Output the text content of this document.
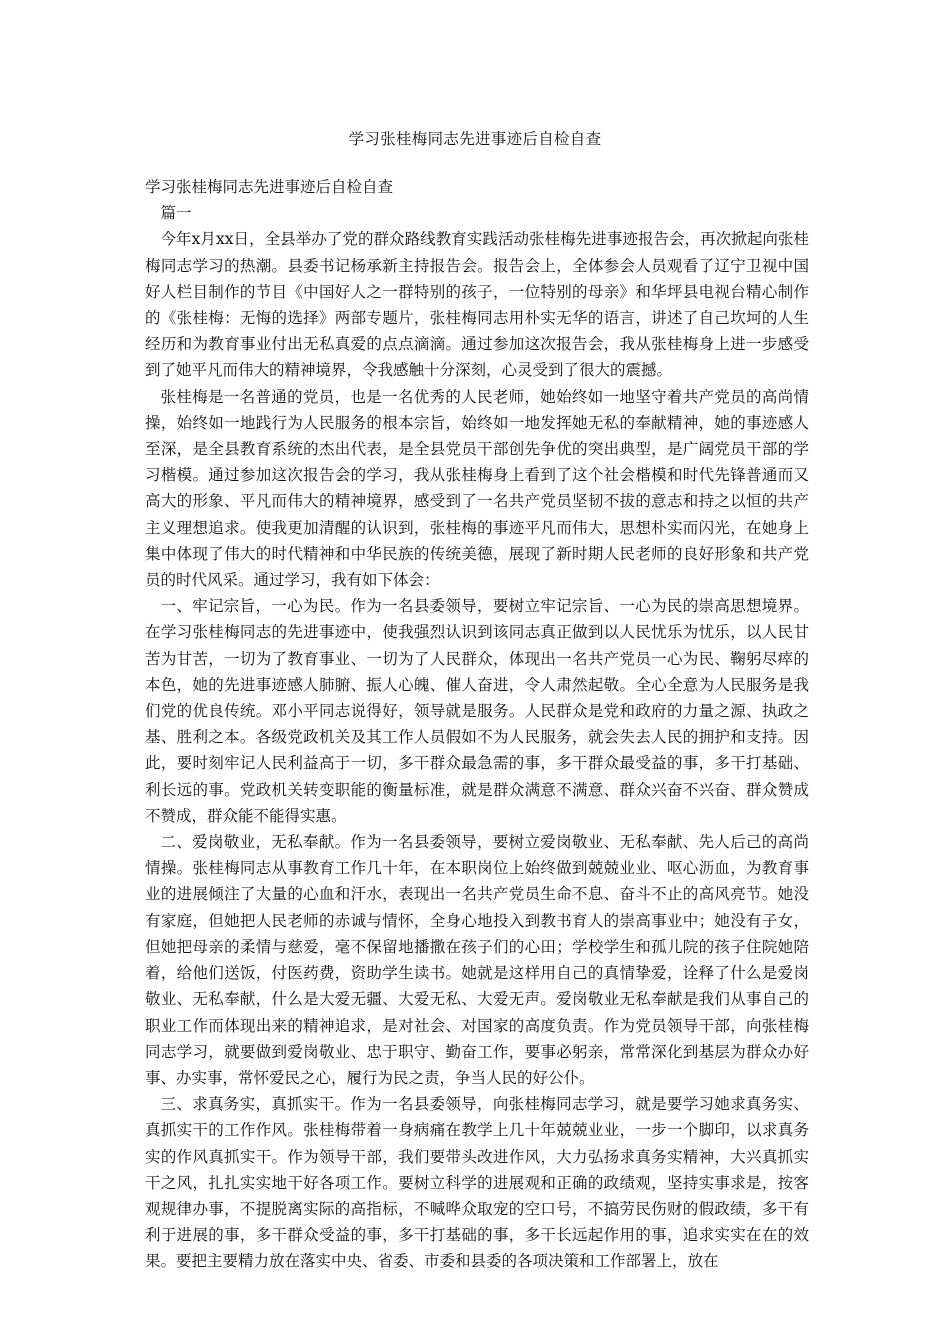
学习张桂梅同志先进事迹后自检自查

学习张桂梅同志先进事迹后自检自查

篇一

今年x月xx日，全县举办了党的群众路线教育实践活动张桂梅先进事迹报告会，再次掀起向张桂梅同志学习的热潮。县委书记杨承新主持报告会。报告会上，全体参会人员观看了辽宁卫视中国好人栏目制作的节目《中国好人之一群特别的孩子，一位特别的母亲》和华坪县电视台精心制作的《张桂梅：无悔的选择》两部专题片，张桂梅同志用朴实无华的语言，讲述了自己坎坷的人生经历和为教育事业付出无私真爱的点点滴滴。通过参加这次报告会，我从张桂梅身上进一步感受到了她平凡而伟大的精神境界，令我感触十分深刻，心灵受到了很大的震撼。

张桂梅是一名普通的党员，也是一名优秀的人民老师，她始终如一地坚守着共产党员的高尚情操，始终如一地践行为人民服务的根本宗旨，始终如一地发挥她无私的奉献精神，她的事迹感人至深，是全县教育系统的杰出代表，是全县党员干部创先争优的突出典型，是广阔党员干部的学习楷模。通过参加这次报告会的学习，我从张桂梅身上看到了这个社会楷模和时代先锋普通而又高大的形象、平凡而伟大的精神境界，感受到了一名共产党员坚韧不拔的意志和持之以恒的共产主义理想追求。使我更加清醒的认识到，张桂梅的事迹平凡而伟大，思想朴实而闪光，在她身上集中体现了伟大的时代精神和中华民族的传统美德，展现了新时期人民老师的良好形象和共产党员的时代风采。通过学习，我有如下体会：

一、牢记宗旨，一心为民。作为一名县委领导，要树立牢记宗旨、一心为民的崇高思想境界。在学习张桂梅同志的先进事迹中，使我强烈认识到该同志真正做到以人民忧乐为忧乐，以人民甘苦为甘苦，一切为了教育事业、一切为了人民群众，体现出一名共产党员一心为民、鞠躬尽瘁的本色，她的先进事迹感人肺腑、振人心魄、催人奋进，令人肃然起敬。全心全意为人民服务是我们党的优良传统。邓小平同志说得好，领导就是服务。人民群众是党和政府的力量之源、执政之基、胜利之本。各级党政机关及其工作人员假如不为人民服务，就会失去人民的拥护和支持。因此，要时刻牢记人民利益高于一切，多干群众最急需的事，多干群众最受益的事，多干打基础、利长远的事。党政机关转变职能的衡量标准，就是群众满意不满意、群众兴奋不兴奋、群众赞成不赞成，群众能不能得实惠。

二、爱岗敬业，无私奉献。作为一名县委领导，要树立爱岗敬业、无私奉献、先人后己的高尚情操。张桂梅同志从事教育工作几十年，在本职岗位上始终做到兢兢业业、呕心沥血，为教育事业的进展倾注了大量的心血和汗水，表现出一名共产党员生命不息、奋斗不止的高风亮节。她没有家庭，但她把人民老师的赤诚与情怀，全身心地投入到教书育人的崇高事业中；她没有子女，但她把母亲的柔情与慈爱，毫不保留地播撒在孩子们的心田；学校学生和孤儿院的孩子住院她陪着，给他们送饭，付医药费，资助学生读书。她就是这样用自己的真情挚爱，诠释了什么是爱岗敬业、无私奉献，什么是大爱无疆、大爱无私、大爱无声。爱岗敬业无私奉献是我们从事自己的职业工作而体现出来的精神追求，是对社会、对国家的高度负责。作为党员领导干部，向张桂梅同志学习，就要做到爱岗敬业、忠于职守、勤奋工作，要事必躬亲，常常深化到基层为群众办好事、办实事，常怀爱民之心，履行为民之责，争当人民的好公仆。

三、求真务实，真抓实干。作为一名县委领导，向张桂梅同志学习，就是要学习她求真务实、真抓实干的工作作风。张桂梅带着一身病痛在教学上几十年兢兢业业，一步一个脚印，以求真务实的作风真抓实干。作为领导干部，我们要带头改进作风，大力弘扬求真务实精神，大兴真抓实干之风，扎扎实实地干好各项工作。要树立科学的进展观和正确的政绩观，坚持实事求是，按客观规律办事，不提脱离实际的高指标，不喊哗众取宠的空口号，不搞劳民伤财的假政绩，多干有利于进展的事，多干群众受益的事，多干打基础的事，多干长远起作用的事，追求实实在在的效果。要把主要精力放在落实中央、省委、市委和县委的各项决策和工作部署上，放在
